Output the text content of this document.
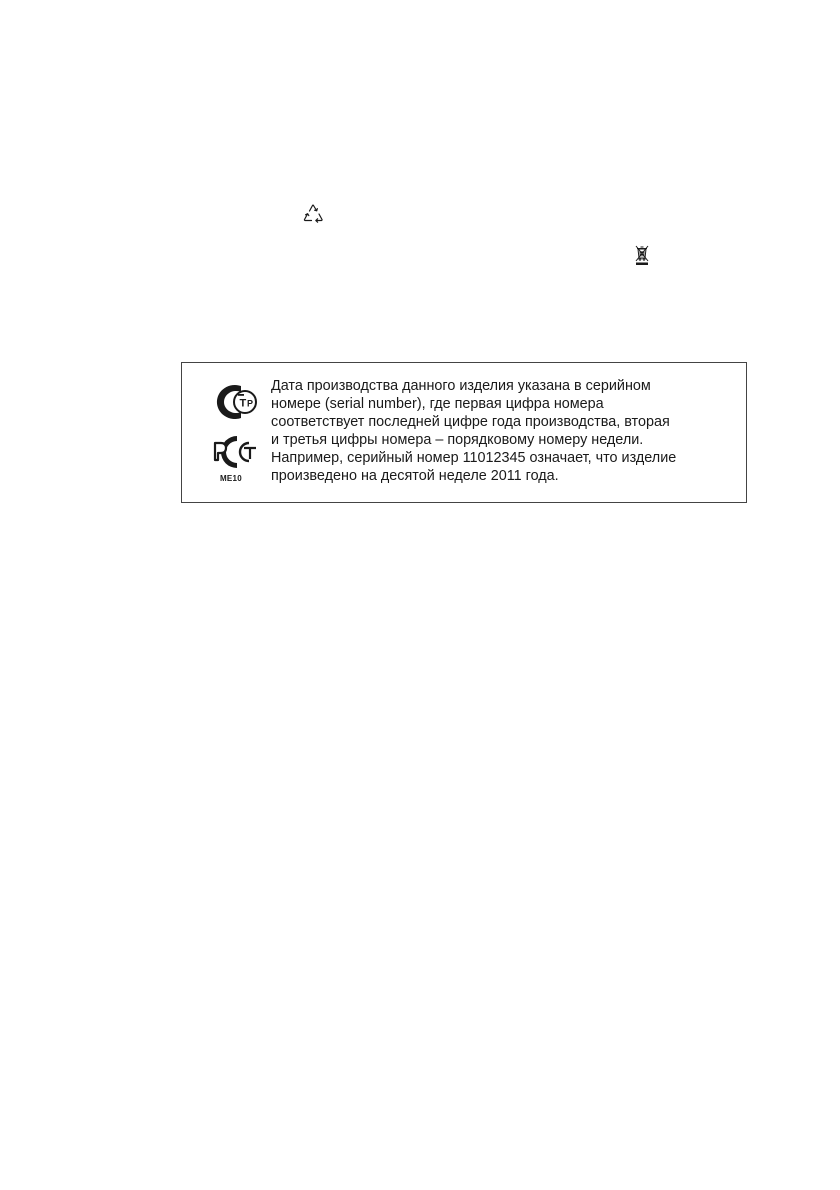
T P
ME10
Дата производства данного изделия указана в серийном
номере (serial number), где первая цифра номера
соответствует последней цифре года производства, вторая
и третья цифры номера – порядковому номеру недели.
Например, серийный номер 11012345 означает, что изделие
произведено на десятой неделе 2011 года.
